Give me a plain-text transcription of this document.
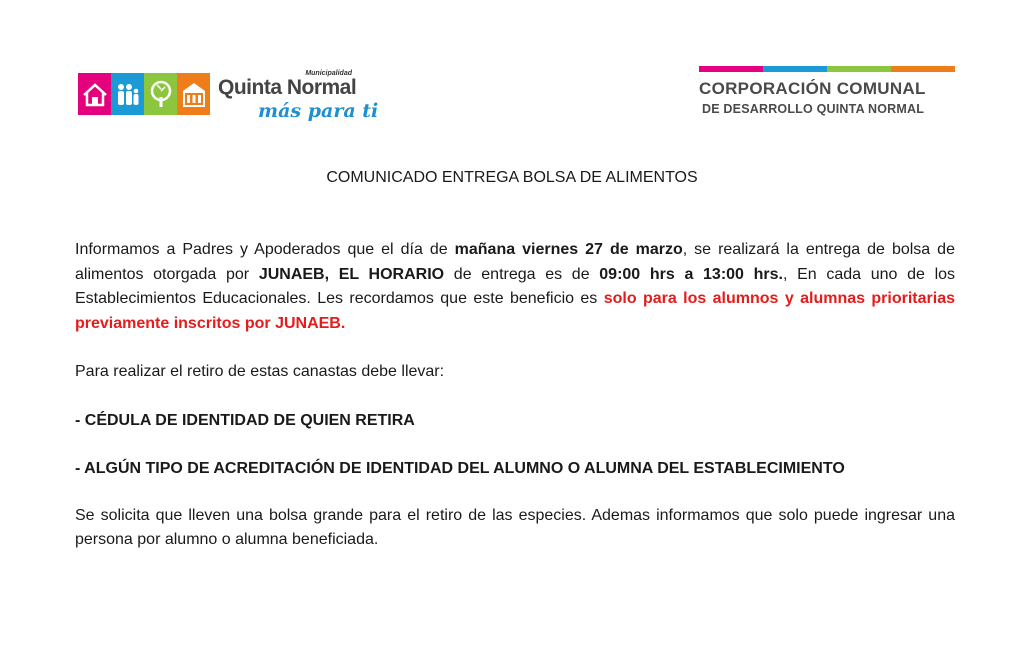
Municipalidad
Quinta Normal
más para ti
CORPORACIÓN COMUNAL
DE DESARROLLO QUINTA NORMAL
COMUNICADO ENTREGA BOLSA DE ALIMENTOS

Informamos a Padres y Apoderados que el día de mañana viernes 27 de marzo, se realizará la entrega de bolsa de alimentos otorgada por JUNAEB, EL HORARIO de entrega es de 09:00 hrs a 13:00 hrs., En cada uno de los Establecimientos Educacionales. Les recordamos que este beneficio es solo para los alumnos y alumnas prioritarias previamente inscritos por JUNAEB.

Para realizar el retiro de estas canastas debe llevar:

- CÉDULA DE IDENTIDAD DE QUIEN RETIRA

- ALGÚN TIPO DE ACREDITACIÓN DE IDENTIDAD DEL ALUMNO O ALUMNA DEL ESTABLECIMIENTO

Se solicita que lleven una bolsa grande para el retiro de las especies. Ademas informamos que solo puede ingresar una persona por alumno o alumna beneficiada.
